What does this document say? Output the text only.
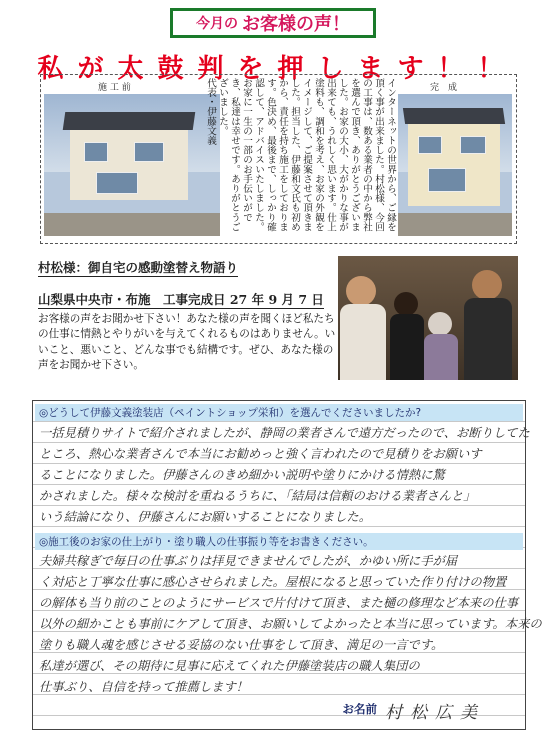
今月の お客様の声！
私が太鼓判を押します！！
施 工 前	インターネットの世界から、ご縁を頂く事が出来ました。村松様、今回の工事は、数ある業者の中から弊社を選んで頂き、ありがとうございました。お家の大小、大がかりな事が出来ても、うれしく思います。仕上塗料も、調和を考え、お家の外観をイメージして、ご提案させて頂きました。担当した、伊藤和文氏も初めから、責任を持ち施工をしております。色決め、最後まで、しっかり確認して、アドバイスいたしました。お家に一生の一部のお手伝いができ、私達は幸せです。ありがとうございました。
代表・伊藤文義	完　成
村松様：御自宅の感動塗替え物語り
山梨県中央市・布施　工事完成日 27 年 9 月 7 日
お客様の声をお聞かせ下さい！あなた様の声を聞くほど私たちの仕事に情熱とやりがいを与えてくれるものはありません。いいこと、悪いこと、どんな事でも結構です。ぜひ、あなた様の声をお聞かせ下さい。
◎どうして伊藤文義塗装店（ペイントショップ栄和）を選んでくださいましたか?
一括見積りサイトで紹介されましたが、静岡の業者さんで遠方だったので、お断りしてた
ところ、熱心な業者さんで本当にお勧めっと強く言われたので見積りをお願いす
ることになりました。伊藤さんのきめ細かい説明や塗りにかける情熱に驚
かされました。様々な検討を重ねるうちに、「結局は信頼のおける業者さんと」
いう結論になり、伊藤さんにお願いすることになりました。
◎施工後のお家の仕上がり・塗り職人の仕事振り等をお書きください。
夫婦共稼ぎで毎日の仕事ぶりは拝見できませんでしたが、かゆい所に手が届
く対応と丁寧な仕事に感心させられました。屋根になると思っていた作り付けの物置
の解体も当り前のことのようにサービスで片付けて頂き、また樋の修理など本来の仕事
以外の細かことも事前にケアして頂き、お願いしてよかったと本当に思っています。本来の
塗りも職人魂を感じさせる妥協のない仕事をして頂き、満足の一言です。
私達が選び、その期待に見事に応えてくれた伊藤塗装店の職人集団の
仕事ぶり、自信を持って推薦します！
お名前 村松広美
